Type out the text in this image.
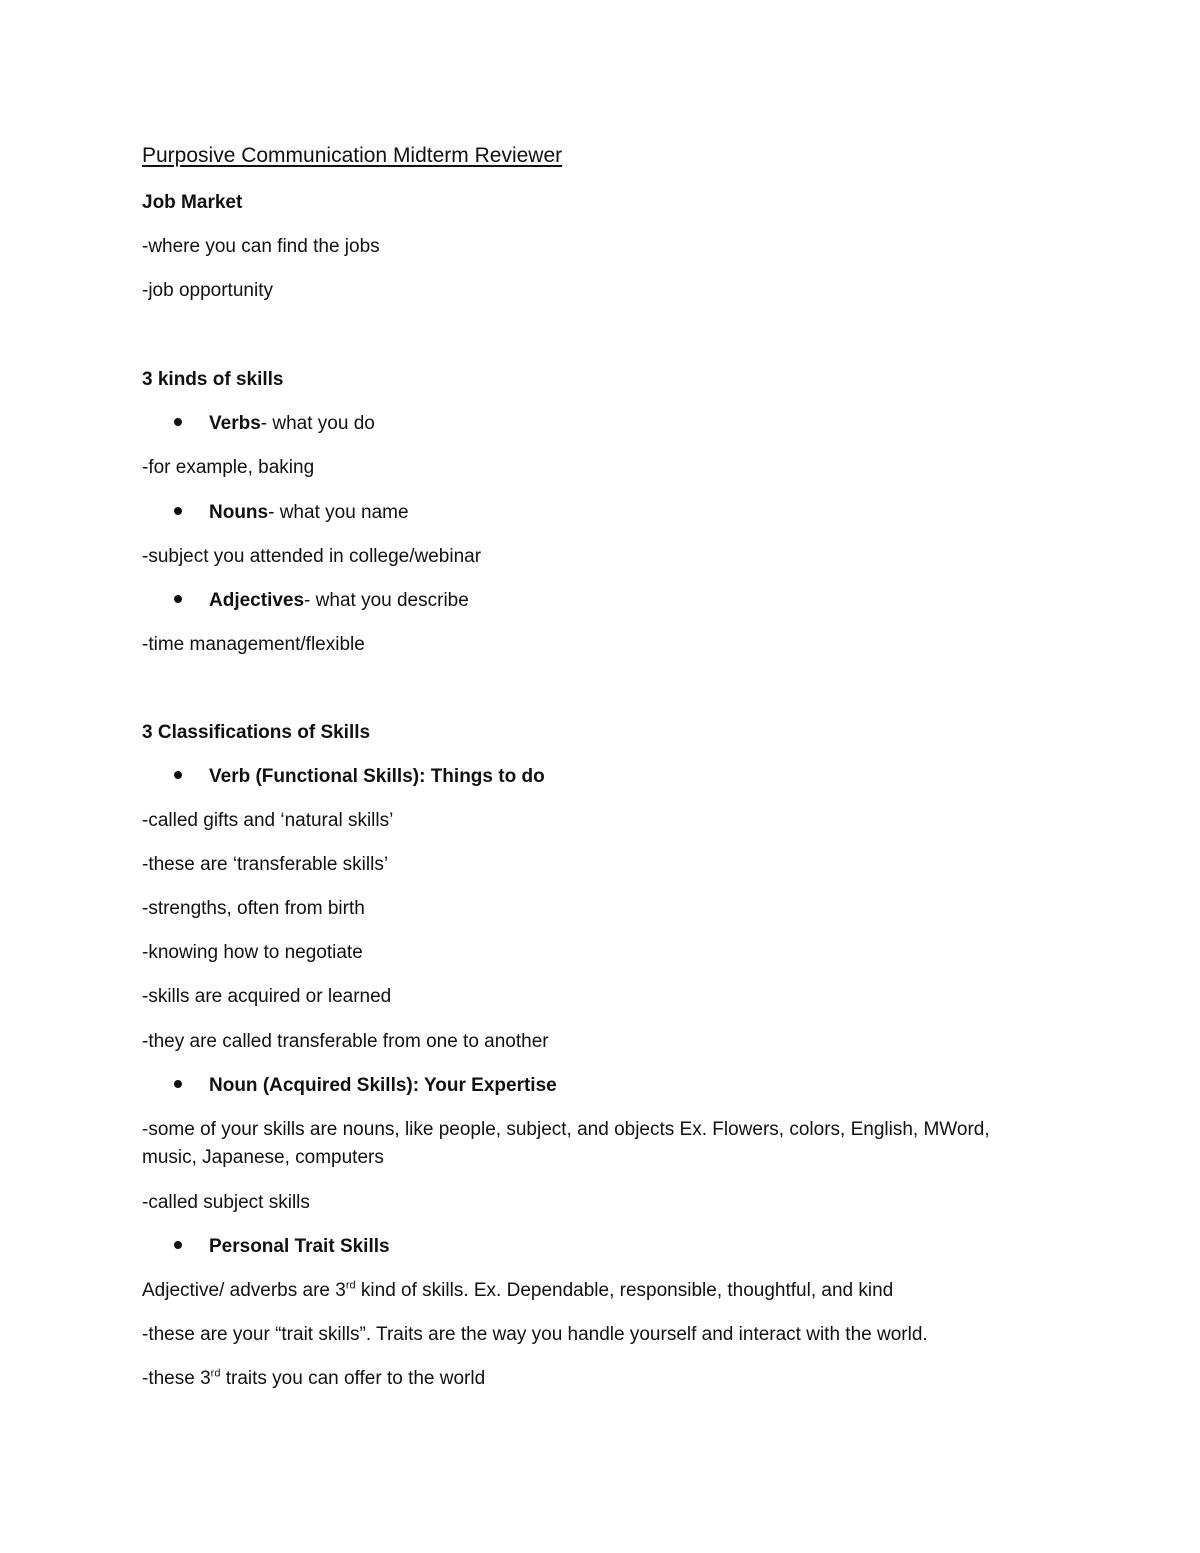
Purposive Communication Midterm Reviewer
Job Market
-where you can find the jobs
-job opportunity
3 kinds of skills
Verbs- what you do
-for example, baking
Nouns- what you name
-subject you attended in college/webinar
Adjectives- what you describe
-time management/flexible
3 Classifications of Skills
Verb (Functional Skills): Things to do
-called gifts and ‘natural skills’
-these are ‘transferable skills’
-strengths, often from birth
-knowing how to negotiate
-skills are acquired or learned
-they are called transferable from one to another
Noun (Acquired Skills): Your Expertise
-some of your skills are nouns, like people, subject, and objects Ex. Flowers, colors, English, MWord,
music, Japanese, computers
-called subject skills
Personal Trait Skills
Adjective/ adverbs are 3rd kind of skills. Ex. Dependable, responsible, thoughtful, and kind
-these are your “trait skills”. Traits are the way you handle yourself and interact with the world.
-these 3rd traits you can offer to the world
